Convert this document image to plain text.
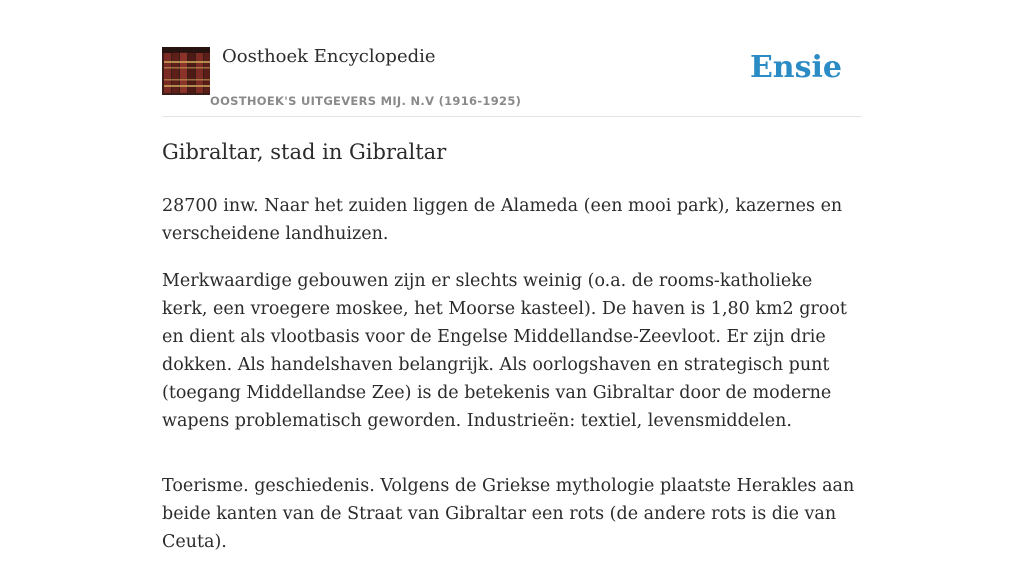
Oosthoek Encyclopedie
OOSTHOEK'S UITGEVERS MIJ. N.V (1916-1925)
Ensie
Gibraltar, stad in Gibraltar

28700 inw. Naar het zuiden liggen de Alameda (een mooi park), kazernes en verscheidene landhuizen.

Merkwaardige gebouwen zijn er slechts weinig (o.a. de rooms-katholieke kerk, een vroegere moskee, het Moorse kasteel). De haven is 1,80 km2 groot en dient als vlootbasis voor de Engelse Middellandse-Zeevloot. Er zijn drie dokken. Als handelshaven belangrijk. Als oorlogshaven en strategisch punt (toegang Middellandse Zee) is de betekenis van Gibraltar door de moderne wapens problematisch geworden. Industrieën: textiel, levensmiddelen.

Toerisme. geschiedenis. Volgens de Griekse mythologie plaatste Herakles aan beide kanten van de Straat van Gibraltar een rots (de andere rots is die van Ceuta).
